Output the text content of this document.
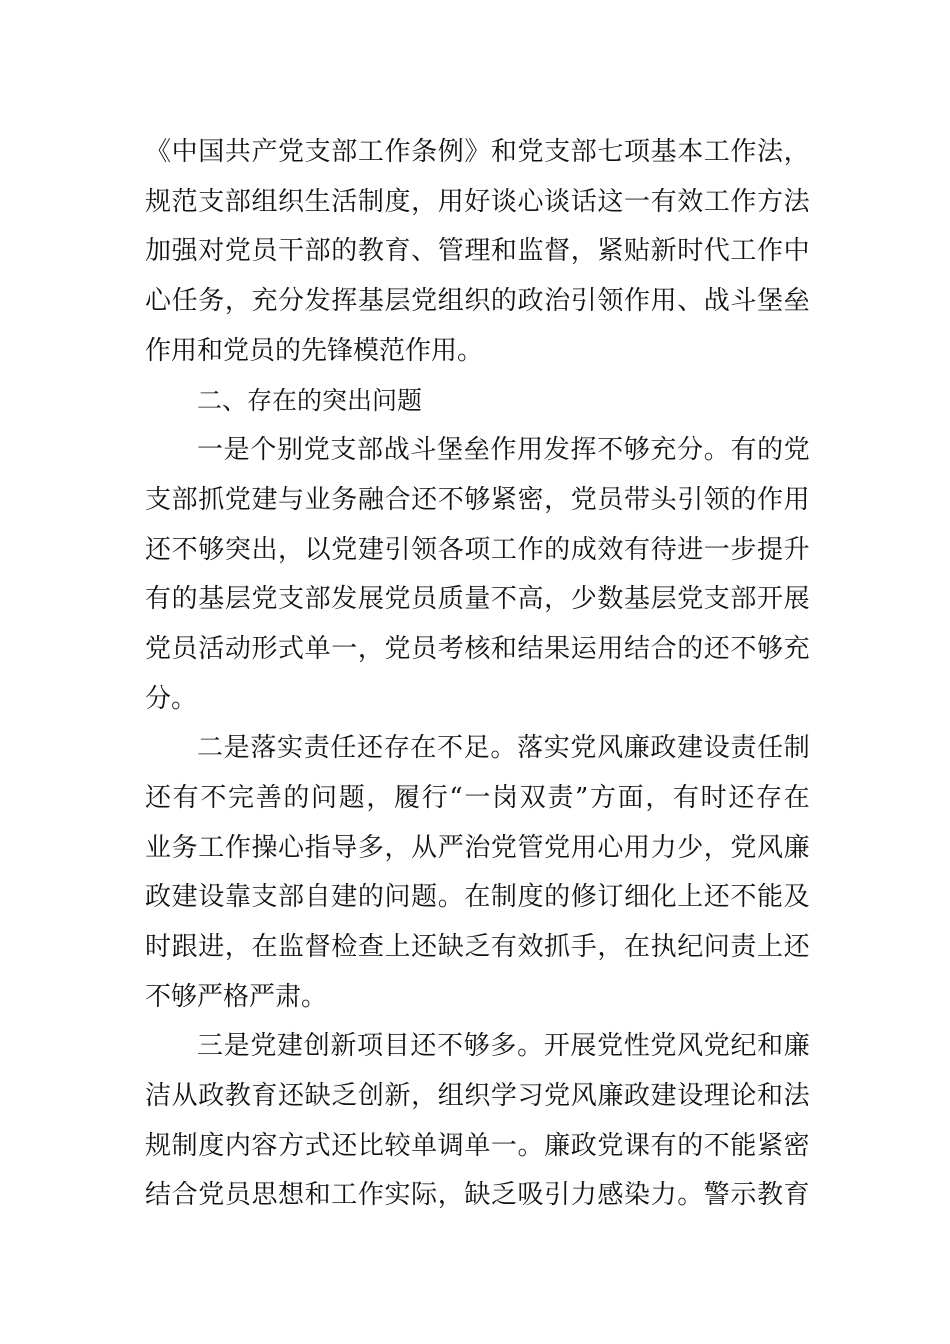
《 中 国 共 产 党 支 部 工 作 条 例 》 和 党 支 部 七 项 基 本 工 作 法 ，
规 范 支 部 组 织 生 活 制 度 ， 用 好 谈 心 谈 话 这 一 有 效 工 作 方 法
加 强 对 党 员 干 部 的 教 育 、 管 理 和 监 督 ， 紧 贴 新 时 代 工 作 中
心 任 务 ， 充 分 发 挥 基 层 党 组 织 的 政 治 引 领 作 用 、 战 斗 堡 垒
作用和党员的先锋模范作用。
二、存在的突出问题
一 是 个 别 党 支 部 战 斗 堡 垒 作 用 发 挥 不 够 充 分 。 有 的 党
支 部 抓 党 建 与 业 务 融 合 还 不 够 紧 密 ， 党 员 带 头 引 领 的 作 用
还 不 够 突 出 ， 以 党 建 引 领 各 项 工 作 的 成 效 有 待 进 一 步 提 升
有 的 基 层 党 支 部 发 展 党 员 质 量 不 高 ， 少 数 基 层 党 支 部 开 展
党 员 活 动 形 式 单 一 ， 党 员 考 核 和 结 果 运 用 结 合 的 还 不 够 充
分。
二 是 落 实 责 任 还 存 在 不 足 。 落 实 党 风 廉 政 建 设 责 任 制
还 有 不 完 善 的 问 题 ， 履 行 “ 一 岗 双 责 ” 方 面 ， 有 时 还 存 在
业 务 工 作 操 心 指 导 多 ， 从 严 治 党 管 党 用 心 用 力 少 ， 党 风 廉
政 建 设 靠 支 部 自 建 的 问 题 。 在 制 度 的 修 订 细 化 上 还 不 能 及
时 跟 进 ， 在 监 督 检 查 上 还 缺 乏 有 效 抓 手 ， 在 执 纪 问 责 上 还
不够严格严肃。
三 是 党 建 创 新 项 目 还 不 够 多 。 开 展 党 性 党 风 党 纪 和 廉
洁 从 政 教 育 还 缺 乏 创 新 ， 组 织 学 习 党 风 廉 政 建 设 理 论 和 法
规 制 度 内 容 方 式 还 比 较 单 调 单 一 。 廉 政 党 课 有 的 不 能 紧 密
结 合 党 员 思 想 和 工 作 实 际 ， 缺 乏 吸 引 力 感 染 力 。 警 示 教 育
